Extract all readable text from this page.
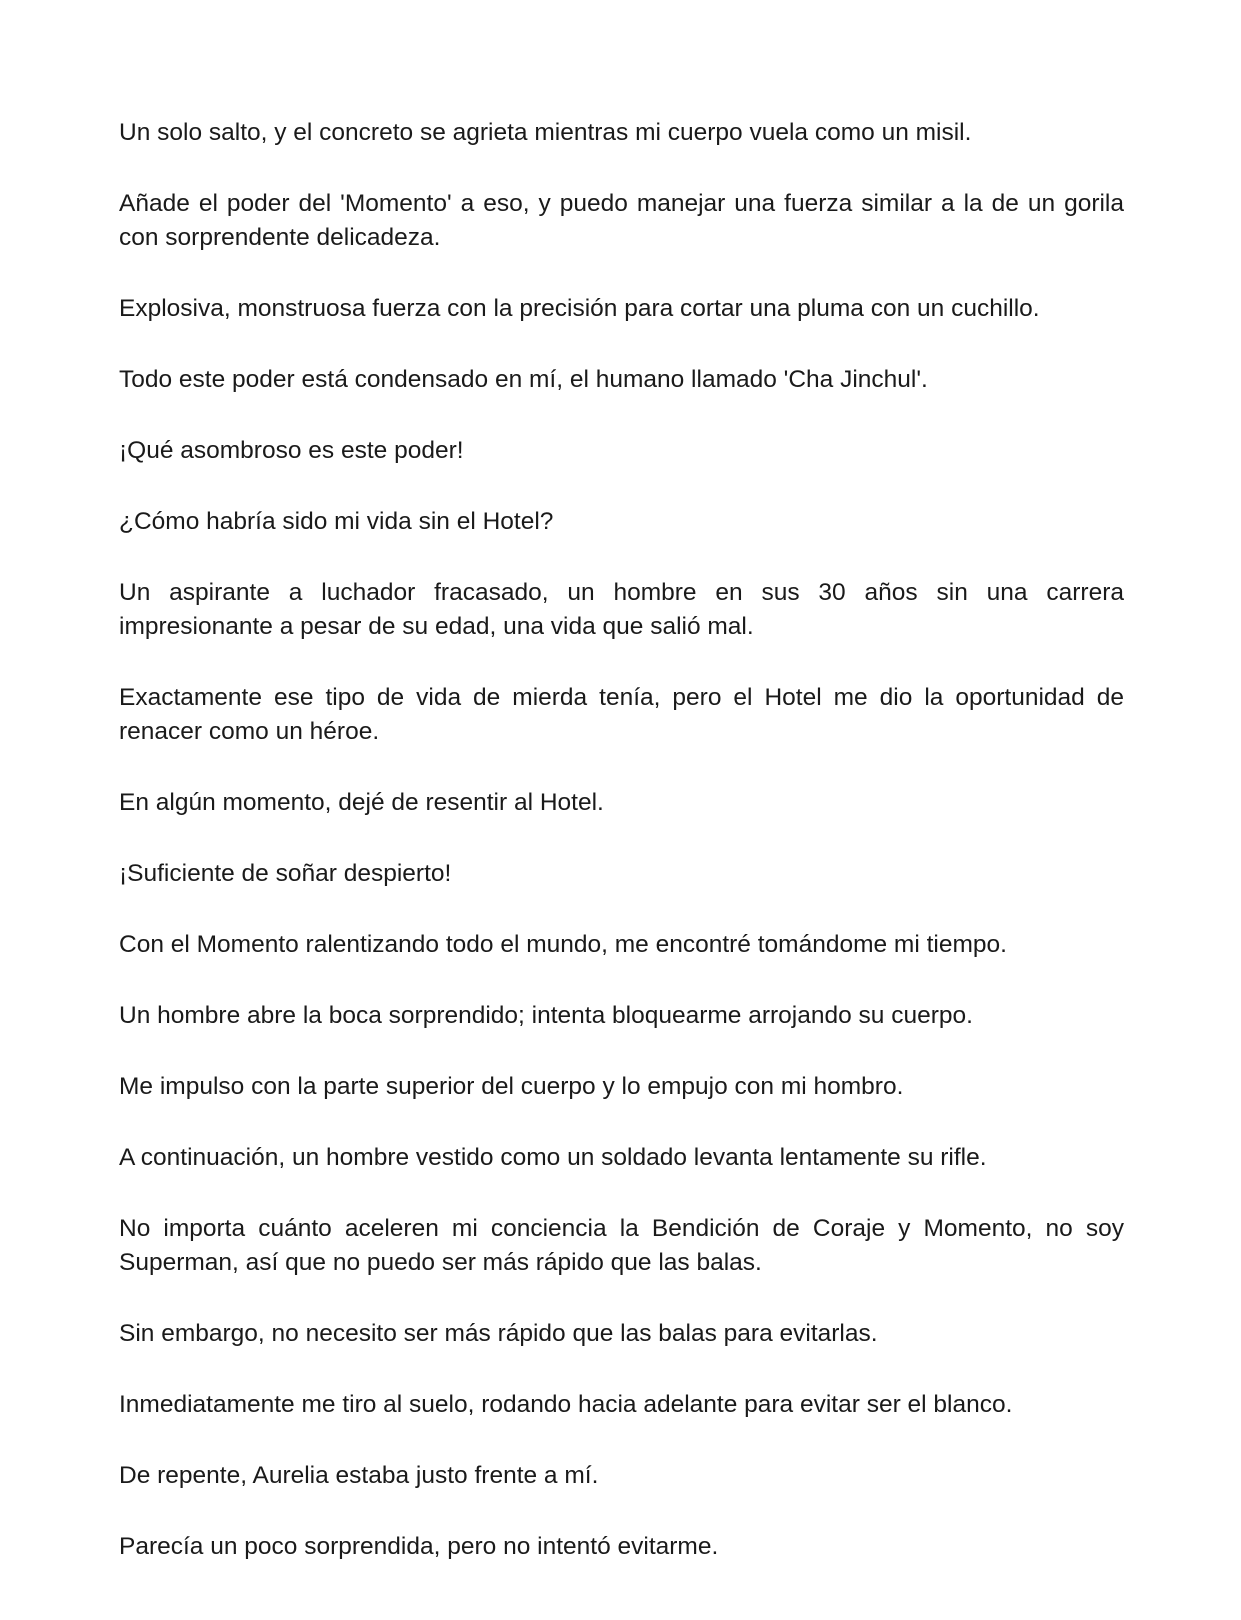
Un solo salto, y el concreto se agrieta mientras mi cuerpo vuela como un misil.

Añade el poder del 'Momento' a eso, y puedo manejar una fuerza similar a la de un gorila con sorprendente delicadeza.

Explosiva, monstruosa fuerza con la precisión para cortar una pluma con un cuchillo.

Todo este poder está condensado en mí, el humano llamado 'Cha Jinchul'.

¡Qué asombroso es este poder!

¿Cómo habría sido mi vida sin el Hotel?

Un aspirante a luchador fracasado, un hombre en sus 30 años sin una carrera impresionante a pesar de su edad, una vida que salió mal.

Exactamente ese tipo de vida de mierda tenía, pero el Hotel me dio la oportunidad de renacer como un héroe.

En algún momento, dejé de resentir al Hotel.

¡Suficiente de soñar despierto!

Con el Momento ralentizando todo el mundo, me encontré tomándome mi tiempo.

Un hombre abre la boca sorprendido; intenta bloquearme arrojando su cuerpo.

Me impulso con la parte superior del cuerpo y lo empujo con mi hombro.

A continuación, un hombre vestido como un soldado levanta lentamente su rifle.

No importa cuánto aceleren mi conciencia la Bendición de Coraje y Momento, no soy Superman, así que no puedo ser más rápido que las balas.

Sin embargo, no necesito ser más rápido que las balas para evitarlas.

Inmediatamente me tiro al suelo, rodando hacia adelante para evitar ser el blanco.

De repente, Aurelia estaba justo frente a mí.

Parecía un poco sorprendida, pero no intentó evitarme.
